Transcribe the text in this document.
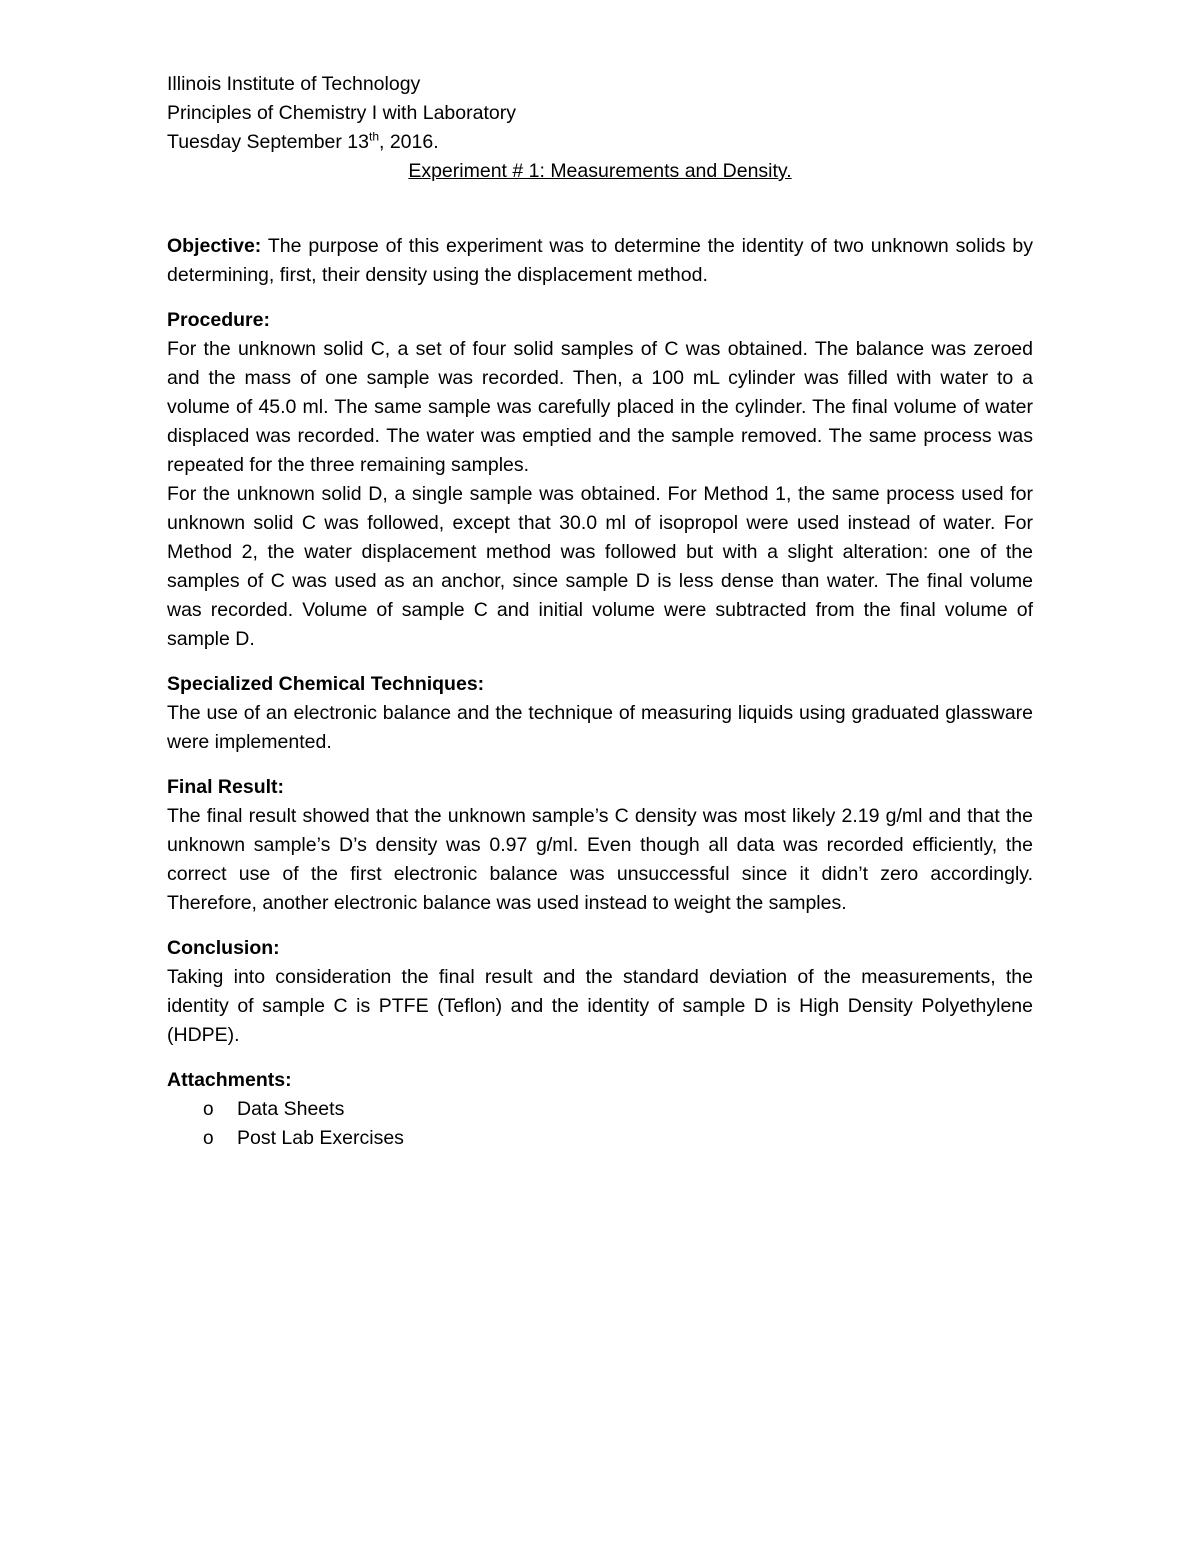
Illinois Institute of Technology
Principles of Chemistry I with Laboratory
Tuesday September 13th, 2016.
Experiment # 1: Measurements and Density.
Objective: The purpose of this experiment was to determine the identity of two unknown solids by determining, first, their density using the displacement method.
Procedure:
For the unknown solid C, a set of four solid samples of C was obtained. The balance was zeroed and the mass of one sample was recorded. Then, a 100 mL cylinder was filled with water to a volume of 45.0 ml. The same sample was carefully placed in the cylinder. The final volume of water displaced was recorded. The water was emptied and the sample removed. The same process was repeated for the three remaining samples.
For the unknown solid D, a single sample was obtained. For Method 1, the same process used for unknown solid C was followed, except that 30.0 ml of isopropol were used instead of water. For Method 2, the water displacement method was followed but with a slight alteration: one of the samples of C was used as an anchor, since sample D is less dense than water. The final volume was recorded. Volume of sample C and initial volume were subtracted from the final volume of sample D.
Specialized Chemical Techniques:
The use of an electronic balance and the technique of measuring liquids using graduated glassware were implemented.
Final Result:
The final result showed that the unknown sample’s C density was most likely 2.19 g/ml and that the unknown sample’s D’s density was 0.97 g/ml. Even though all data was recorded efficiently, the correct use of the first electronic balance was unsuccessful since it didn’t zero accordingly. Therefore, another electronic balance was used instead to weight the samples.
Conclusion:
Taking into consideration the final result and the standard deviation of the measurements, the identity of sample C is PTFE (Teflon) and the identity of sample D is High Density Polyethylene (HDPE).
Attachments:
o	Data Sheets
o	Post Lab Exercises
